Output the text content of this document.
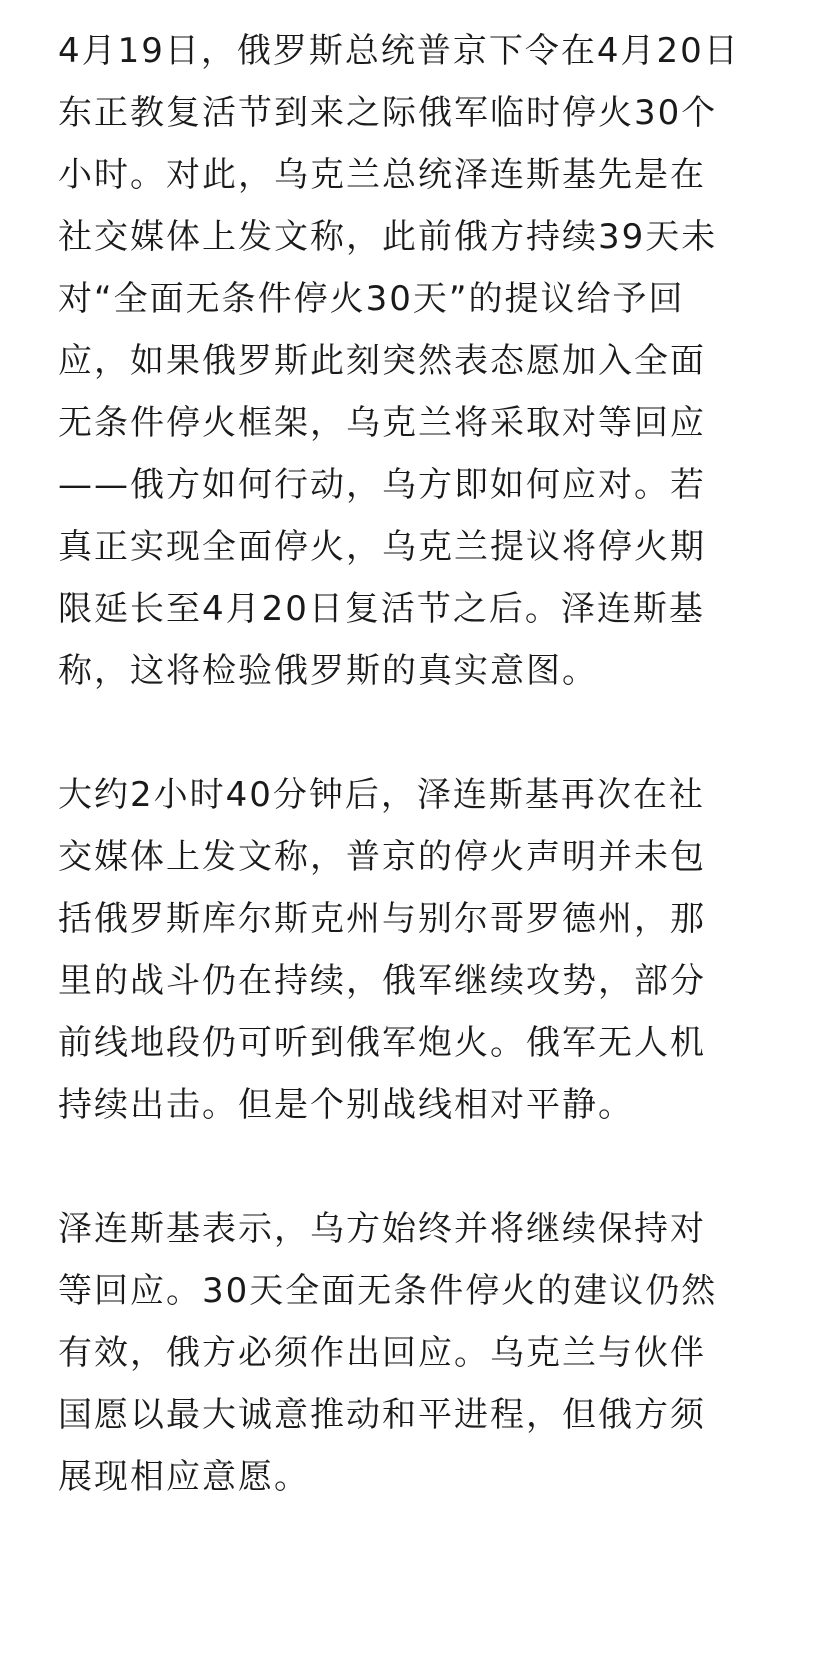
4月19日，俄罗斯总统普京下令在4月20日
东正教复活节到来之际俄军临时停火30个
小时。对此，乌克兰总统泽连斯基先是在
社交媒体上发文称，此前俄方持续39天未
对“全面无条件停火30天”的提议给予回
应，如果俄罗斯此刻突然表态愿加入全面
无条件停火框架，乌克兰将采取对等回应
——俄方如何行动，乌方即如何应对。若
真正实现全面停火，乌克兰提议将停火期
限延长至4月20日复活节之后。泽连斯基
称，这将检验俄罗斯的真实意图。

大约2小时40分钟后，泽连斯基再次在社
交媒体上发文称，普京的停火声明并未包
括俄罗斯库尔斯克州与别尔哥罗德州，那
里的战斗仍在持续，俄军继续攻势，部分
前线地段仍可听到俄军炮火。俄军无人机
持续出击。但是个别战线相对平静。

泽连斯基表示，乌方始终并将继续保持对
等回应。30天全面无条件停火的建议仍然
有效，俄方必须作出回应。乌克兰与伙伴
国愿以最大诚意推动和平进程，但俄方须
展现相应意愿。
